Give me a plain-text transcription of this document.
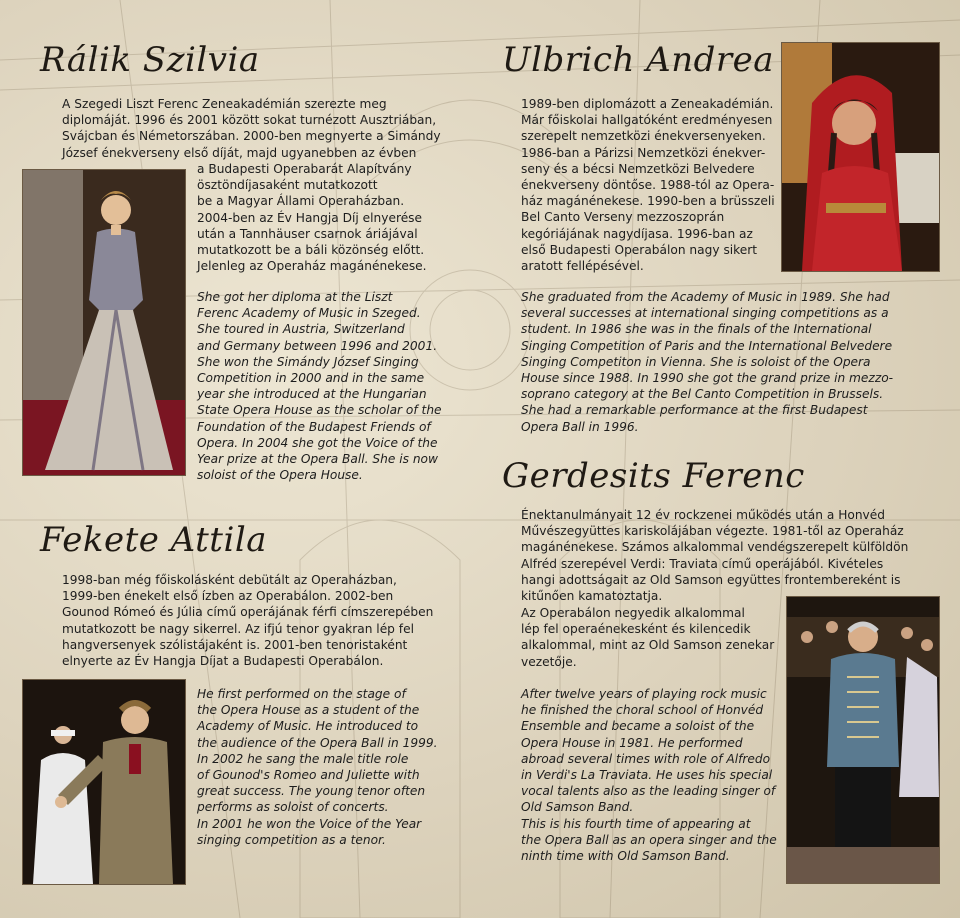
Rálik Szilvia
A Szegedi Liszt Ferenc Zeneakadémián szerezte meg
diplomáját. 1996 és 2001 között sokat turnézott Ausztriában,
Svájcban és Németorszában. 2000-ben megnyerte a Simándy
József énekverseny első díját, majd ugyanebben az évben
a Budapesti Operabarát Alapítvány
ösztöndíjasaként mutatkozott
be a Magyar Állami Operaházban.
2004-ben az Év Hangja Díj elnyerése
után a Tannhäuser csarnok áriájával
mutatkozott be a báli közönség előtt.
Jelenleg az Operaház magánénekese.
She got her diploma at the Liszt
Ferenc Academy of Music in Szeged.
She toured in Austria, Switzerland
and Germany between 1996 and 2001.
She won the Simándy József Singing
Competition in 2000 and in the same
year she introduced at the Hungarian
State Opera House as the scholar of the
Foundation of the Budapest Friends of
Opera. In 2004 she got the Voice of the
Year prize at the Opera Ball. She is now
soloist of the Opera House.
Fekete Attila
1998-ban még főiskolásként debütált az Operaházban,
1999-ben énekelt első ízben az Operabálon. 2002-ben
Gounod Rómeó és Júlia című operájának férfi címszerepében
mutatkozott be nagy sikerrel. Az ifjú tenor gyakran lép fel
hangversenyek szólistájaként is. 2001-ben tenoristaként
elnyerte az Év Hangja Díjat a Budapesti Operabálon.
He first performed on the stage of
the Opera House as a student of the
Academy of Music. He introduced to
the audience of the Opera Ball in 1999.
In 2002 he sang the male title role
of Gounod's Romeo and Juliette with
great success. The young tenor often
performs as soloist of concerts.
In 2001 he won the Voice of the Year
singing competition as a tenor.
Ulbrich Andrea
1989-ben diplomázott a Zeneakadémián.
Már főiskolai hallgatóként eredményesen
szerepelt nemzetközi énekversenyeken.
1986-ban a Párizsi Nemzetközi énekver-
seny és a bécsi Nemzetközi Belvedere
énekverseny döntőse. 1988-tól az Opera-
ház magánénekese. 1990-ben a brüsszeli
Bel Canto Verseny mezzoszoprán
kegóriájának nagydíjasa. 1996-ban az
első Budapesti Operabálon nagy sikert
aratott fellépésével.
She graduated from the Academy of Music in 1989. She had
several successes at international singing competitions as a
student. In 1986 she was in the finals of the International
Singing Competition of Paris and the International Belvedere
Singing Competiton in Vienna. She is soloist of the Opera
House since 1988. In 1990 she got the grand prize in mezzo-
soprano category at the Bel Canto Competition in Brussels.
She had a remarkable performance at the first Budapest
Opera Ball in 1996.
Gerdesits Ferenc
Énektanulmányait 12 év rockzenei működés után a Honvéd
Művészegyüttes kariskolájában végezte. 1981-től az Operaház
magánénekese. Számos alkalommal vendégszerepelt külföldön
Alfréd szerepével Verdi: Traviata című operájából. Kivételes
hangi adottságait az Old Samson együttes frontembereként is
kitűnően kamatoztatja.
Az Operabálon negyedik alkalommal
lép fel operaénekesként és kilencedik
alkalommal, mint az Old Samson zenekar
vezetője.
After twelve years of playing rock music
he finished the choral school of Honvéd
Ensemble and became a soloist of the
Opera House in 1981. He performed
abroad several times with role of Alfredo
in Verdi's La Traviata. He uses his special
vocal talents also as the leading singer of
Old Samson Band.
This is his fourth time of appearing at
the Opera Ball as an opera singer and the
ninth time with Old Samson Band.
